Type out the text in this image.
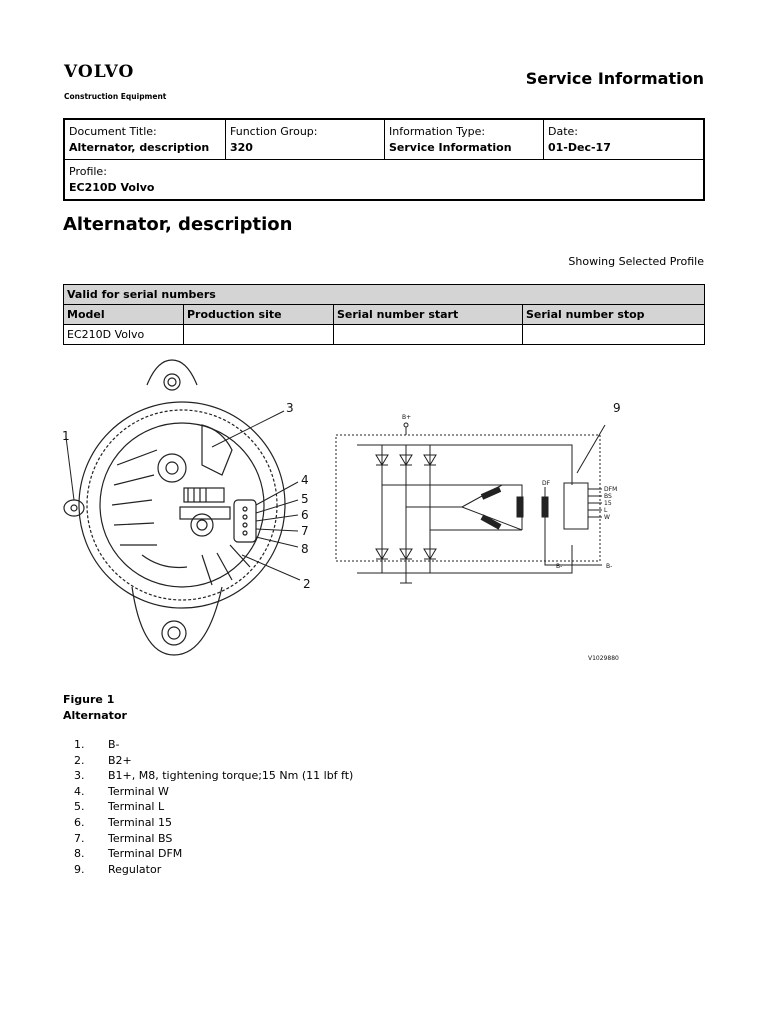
VOLVO
Construction Equipment
Service Information
Document Title:
Alternator, description

Function Group:
320

Information Type:
Service Information

Date:
01-Dec-17

Profile:
EC210D Volvo
Alternator, description
Showing Selected Profile
Valid for serial numbers			
Model	Production site	Serial number start	Serial number stop
EC210D Volvo			
1
2
3
4
5
6
7
8
9
B+
B-	B-
DF
DFM
BS
15
L
W
V1029880
Figure 1
Alternator
1.	B-
2.	B2+
3.	B1+, M8, tightening torque;15 Nm (11 lbf ft)
4.	Terminal W
5.	Terminal L
6.	Terminal 15
7.	Terminal BS
8.	Terminal DFM
9.	Regulator
